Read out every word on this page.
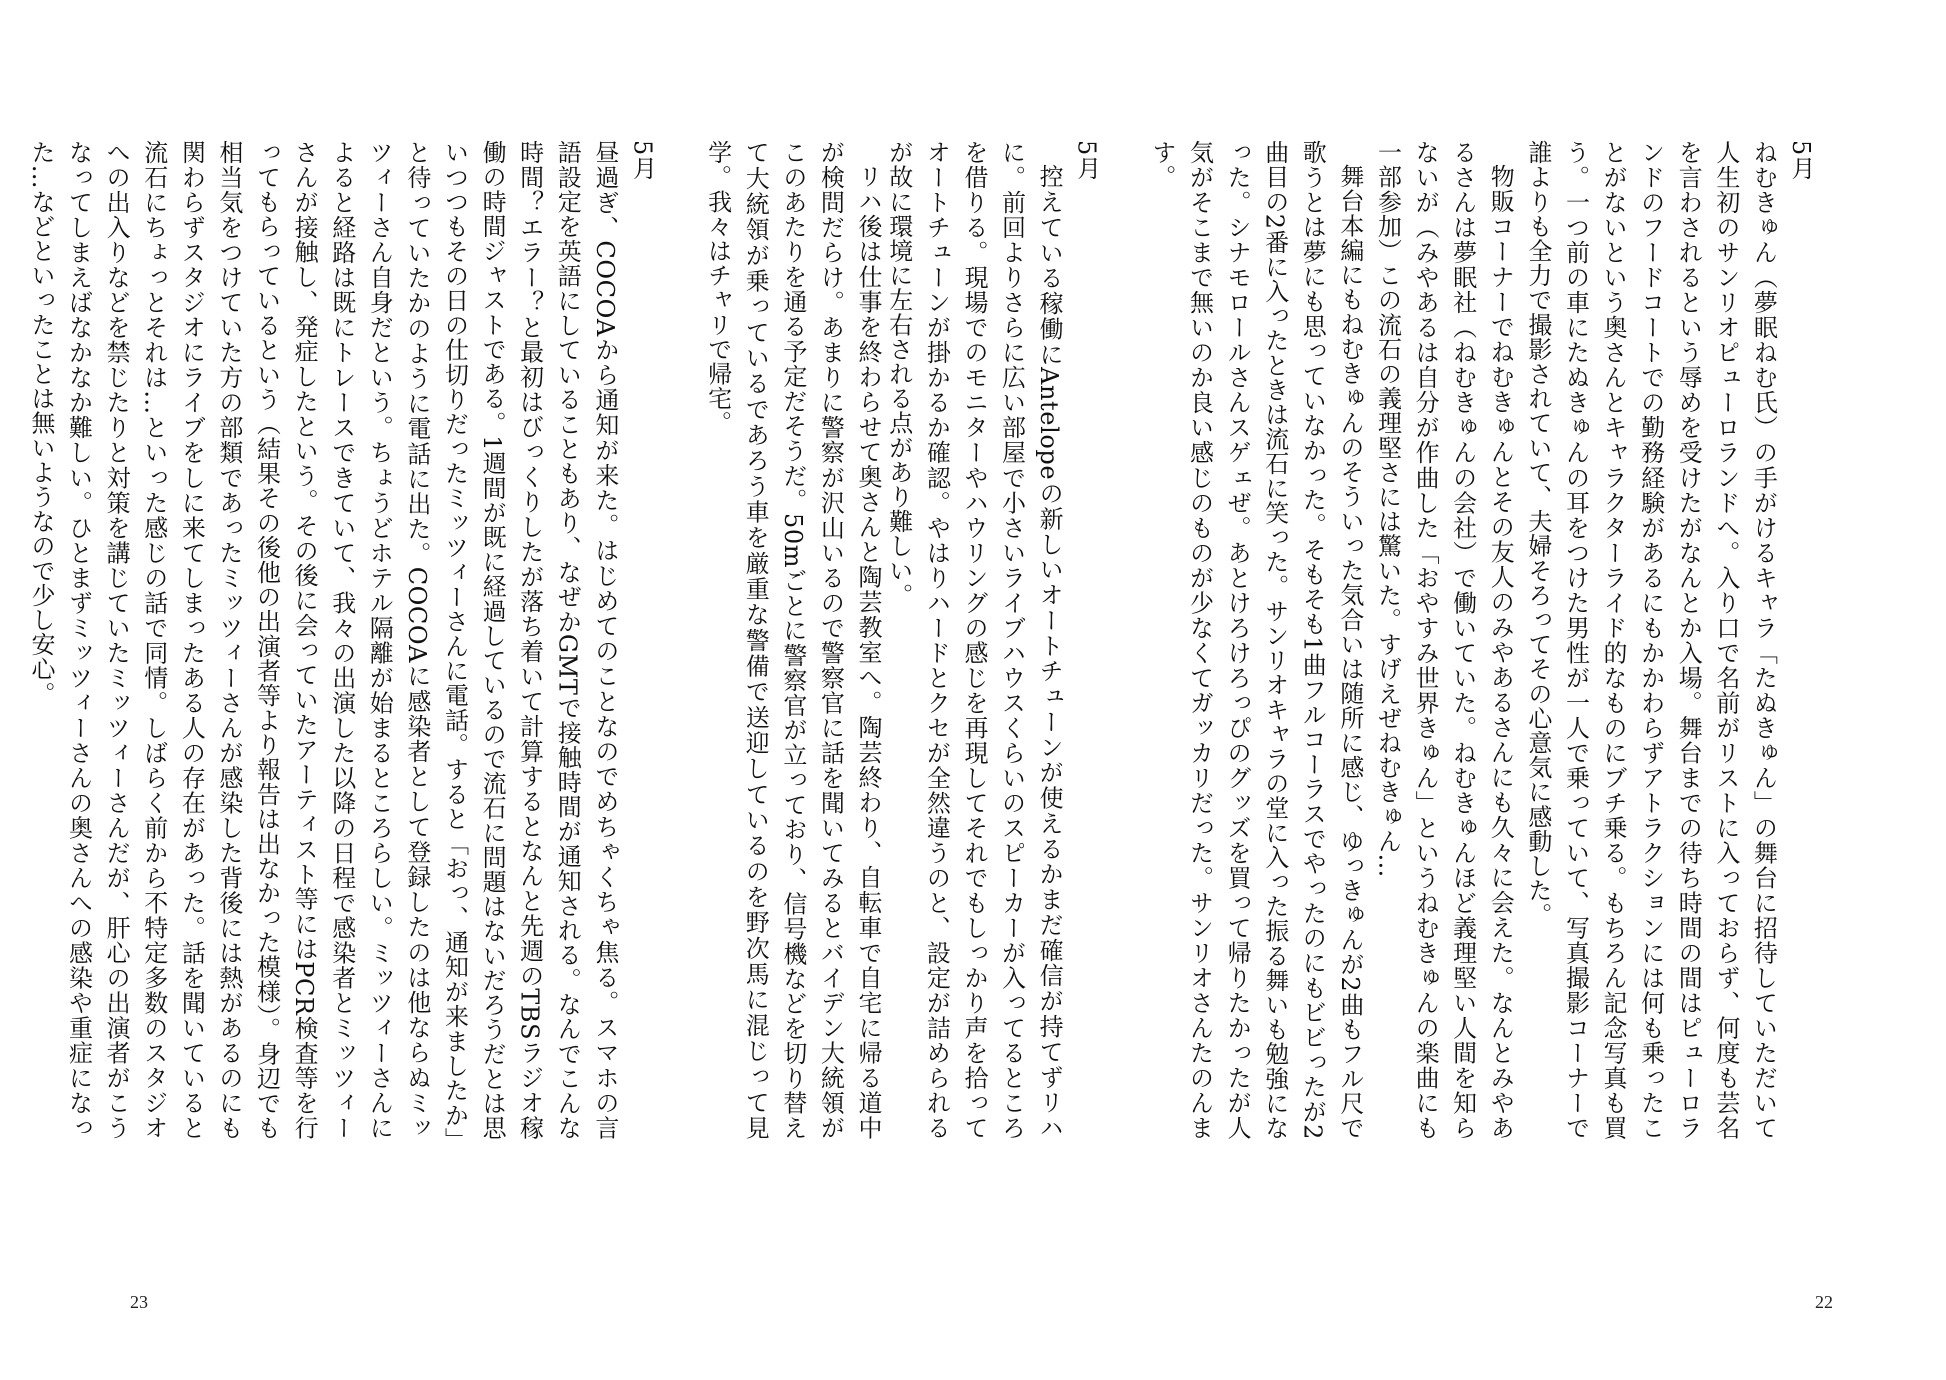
5月

ねむきゅん（夢眠ねむ氏）の手がけるキャラ「たぬきゅん」の舞台に招待していただいて人生初のサンリオピューロランドへ。入り口で名前がリストに入っておらず、何度も芸名を言わされるという辱めを受けたがなんとか入場。舞台までの待ち時間の間はピューロランドのフードコートでの勤務経験があるにもかかわらずアトラクションには何も乗ったことがないという奥さんとキャラクターライド的なものにブチ乗る。もちろん記念写真も買う。一つ前の車にたぬきゅんの耳をつけた男性が一人で乗っていて、写真撮影コーナーで誰よりも全力で撮影されていて、夫婦そろってその心意気に感動した。

物販コーナーでねむきゅんとその友人のみやあるさんにも久々に会えた。なんとみやあるさんは夢眠社（ねむきゅんの会社）で働いていた。ねむきゅんほど義理堅い人間を知らないが（みやあるは自分が作曲した「おやすみ世界きゅん」というねむきゅんの楽曲にも一部参加）この流石の義理堅さには驚いた。すげえぜねむきゅん…

舞台本編にもねむきゅんのそういった気合いは随所に感じ、ゆっきゅんが2曲もフル尺で歌うとは夢にも思っていなかった。そもそも1曲フルコーラスでやったのにもビビったが2曲目の2番に入ったときは流石に笑った。サンリオキャラの堂に入った振る舞いも勉強になった。シナモロールさんスゲェぜ。あとけろけろっぴのグッズを買って帰りたかったが人気がそこまで無いのか良い感じのものが少なくてガッカリだった。サンリオさんたのんます。

5月

控えている稼働にAntelopeの新しいオートチューンが使えるかまだ確信が持てずリハに。前回よりさらに広い部屋で小さいライブハウスくらいのスピーカーが入ってるところを借りる。現場でのモニターやハウリングの感じを再現してそれでもしっかり声を拾ってオートチューンが掛かるか確認。やはりハードとクセが全然違うのと、設定が詰められるが故に環境に左右される点があり難しい。

22

リハ後は仕事を終わらせて奥さんと陶芸教室へ。陶芸終わり、自転車で自宅に帰る道中が検問だらけ。あまりに警察が沢山いるので警察官に話を聞いてみるとバイデン大統領がこのあたりを通る予定だそうだ。50mごとに警察官が立っており、信号機などを切り替えて大統領が乗っているであろう車を厳重な警備で送迎しているのを野次馬に混じって見学。我々はチャリで帰宅。

5月

昼過ぎ、COCOAから通知が来た。はじめてのことなのでめちゃくちゃ焦る。スマホの言語設定を英語にしていることもあり、なぜかGMTで接触時間が通知される。なんでこんな時間？エラー？と最初はびっくりしたが落ち着いて計算するとなんと先週のTBSラジオ稼働の時間ジャストである。1週間が既に経過しているので流石に問題はないだろうだとは思いつつもその日の仕切りだったミッツィーさんに電話。すると「おっ、通知が来ましたか」と待っていたかのように電話に出た。COCOAに感染者として登録したのは他ならぬミッツィーさん自身だという。ちょうどホテル隔離が始まるところらしい。ミッツィーさんによると経路は既にトレースできていて、我々の出演した以降の日程で感染者とミッツィーさんが接触し、発症したという。その後に会っていたアーティスト等にはPCR検査等を行ってもらっているという（結果その後他の出演者等より報告は出なかった模様）。身辺でも相当気をつけていた方の部類であったミッツィーさんが感染した背後には熱があるのにも関わらずスタジオにライブをしに来てしまったある人の存在があった。話を聞いていると流石にちょっとそれは…といった感じの話で同情。しばらく前から不特定多数のスタジオへの出入りなどを禁じたりと対策を講じていたミッツィーさんだが、肝心の出演者がこうなってしまえばなかなか難しい。ひとまずミッツィーさんの奥さんへの感染や重症になった…などといったことは無いようなので少し安心。

23
